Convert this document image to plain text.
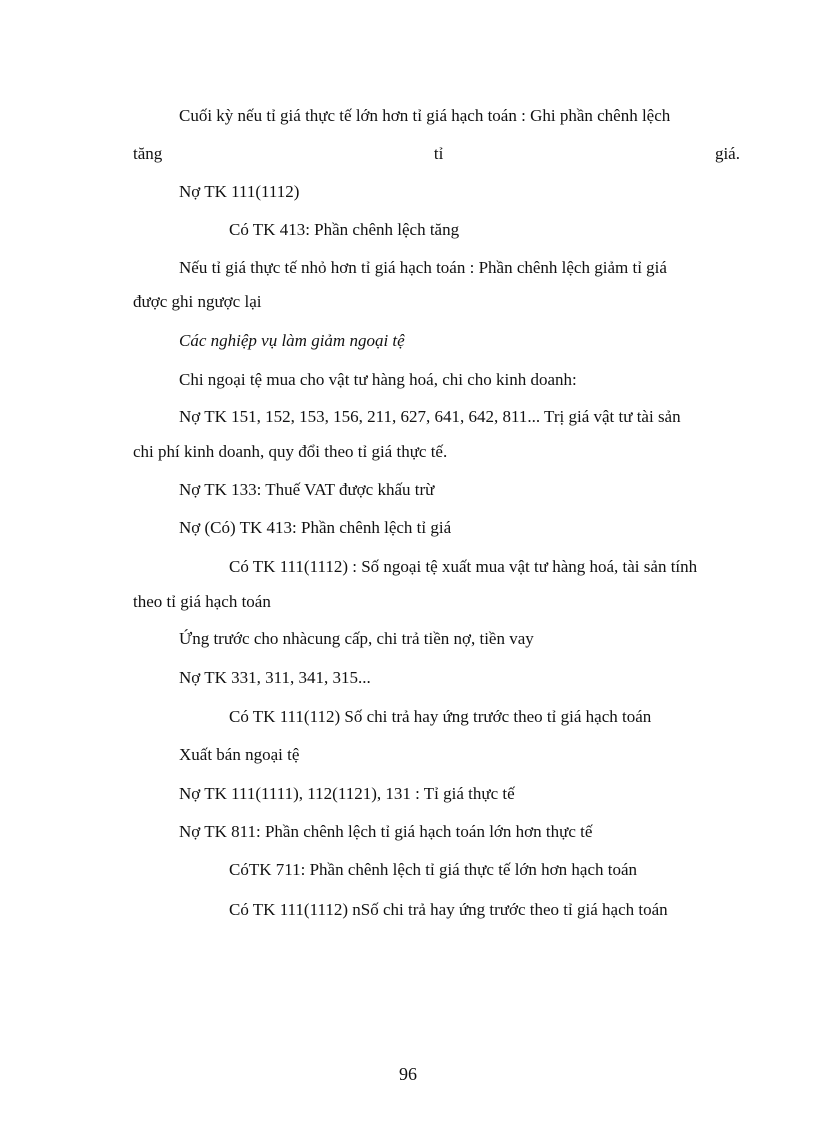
Cuối kỳ nếu tỉ giá thực tế lớn hơn tỉ giá hạch toán : Ghi phần chênh lệch
tăng	tỉ	giá.
Nợ TK 111(1112)
Có TK 413: Phần chênh lệch tăng
Nếu tỉ giá thực tế nhỏ hơn tỉ giá hạch toán : Phần chênh lệch giảm tỉ giá
được ghi ngược lại
Các nghiệp vụ làm giảm ngoại tệ
Chi ngoại tệ mua cho vật tư hàng hoá, chi cho kinh doanh:
Nợ TK 151, 152, 153, 156, 211, 627, 641, 642, 811... Trị giá vật tư tài sản
chi phí kinh doanh, quy đổi theo tỉ giá thực tế.
Nợ TK 133: Thuế VAT được khấu trừ
Nợ (Có) TK 413: Phần chênh lệch tỉ giá
Có TK 111(1112) : Số ngoại tệ xuất mua vật tư hàng hoá, tài sản tính
theo tỉ giá hạch toán
Ứng trước cho nhàcung cấp, chi trả tiền nợ, tiền vay
Nợ TK 331, 311, 341, 315...
Có TK 111(112) Số chi trả hay ứng trước theo tỉ giá hạch toán
Xuất bán ngoại tệ
Nợ TK 111(1111), 112(1121), 131 : Tỉ giá thực tế
Nợ TK 811: Phần chênh lệch tỉ giá hạch toán lớn hơn thực tế
CóTK 711: Phần chênh lệch tỉ giá thực tế lớn hơn hạch toán
Có TK 111(1112) nSố chi trả hay ứng trước theo tỉ giá hạch toán
96
